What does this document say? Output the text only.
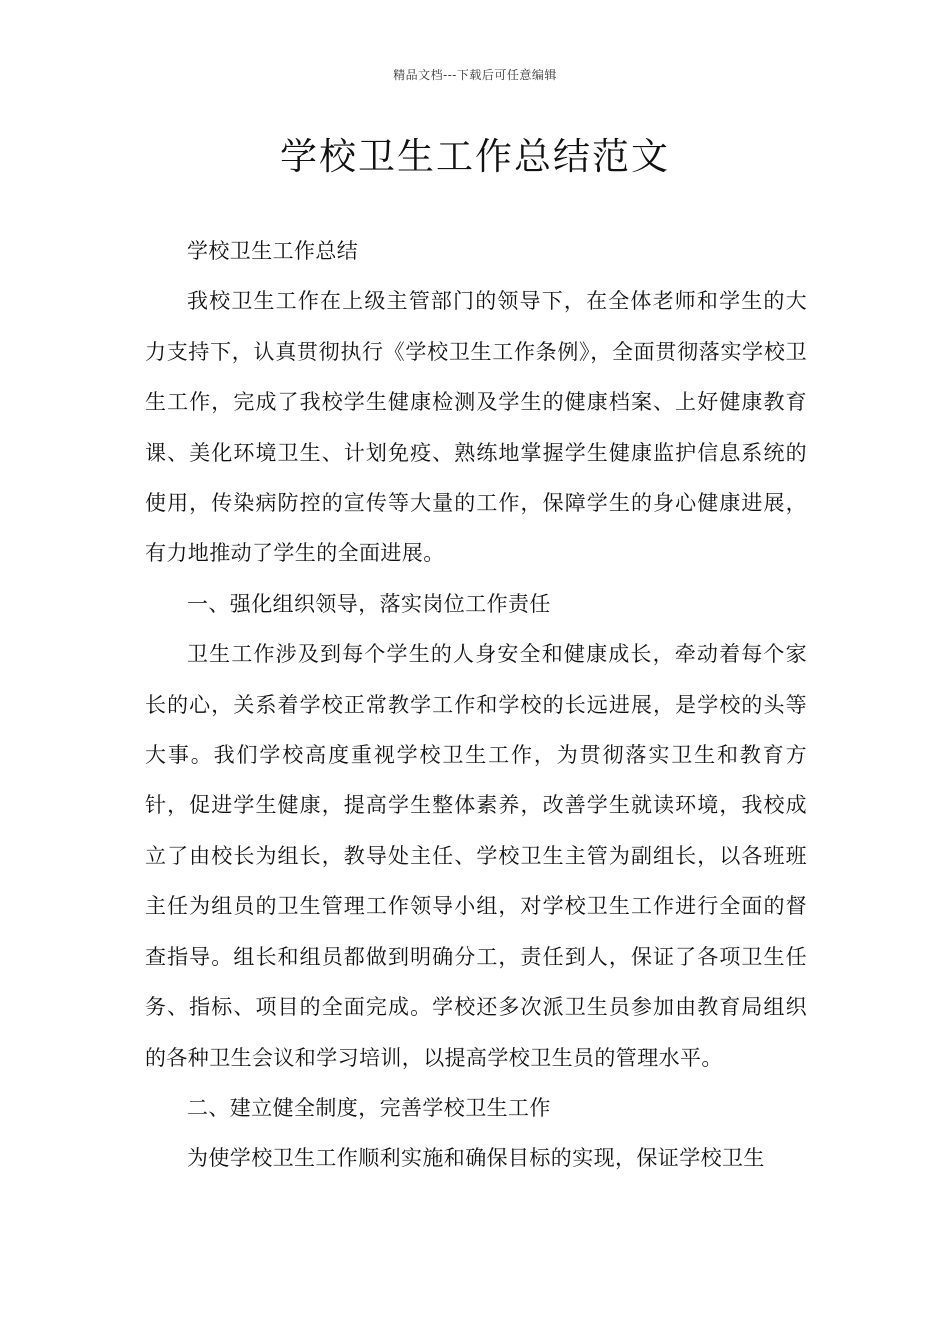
精品文档---下载后可任意编辑
学校卫生工作总结范文

学校卫生工作总结

我校卫生工作在上级主管部门的领导下，在全体老师和学生的大力支持下，认真贯彻执行《学校卫生工作条例》，全面贯彻落实学校卫生工作，完成了我校学生健康检测及学生的健康档案、上好健康教育课、美化环境卫生、计划免疫、熟练地掌握学生健康监护信息系统的使用，传染病防控的宣传等大量的工作，保障学生的身心健康进展，有力地推动了学生的全面进展。

一、强化组织领导，落实岗位工作责任

卫生工作涉及到每个学生的人身安全和健康成长，牵动着每个家长的心，关系着学校正常教学工作和学校的长远进展，是学校的头等大事。我们学校高度重视学校卫生工作，为贯彻落实卫生和教育方针，促进学生健康，提高学生整体素养，改善学生就读环境，我校成立了由校长为组长，教导处主任、学校卫生主管为副组长，以各班班主任为组员的卫生管理工作领导小组，对学校卫生工作进行全面的督查指导。组长和组员都做到明确分工，责任到人，保证了各项卫生任务、指标、项目的全面完成。学校还多次派卫生员参加由教育局组织的各种卫生会议和学习培训，以提高学校卫生员的管理水平。

二、建立健全制度，完善学校卫生工作

为使学校卫生工作顺利实施和确保目标的实现，保证学校卫生
